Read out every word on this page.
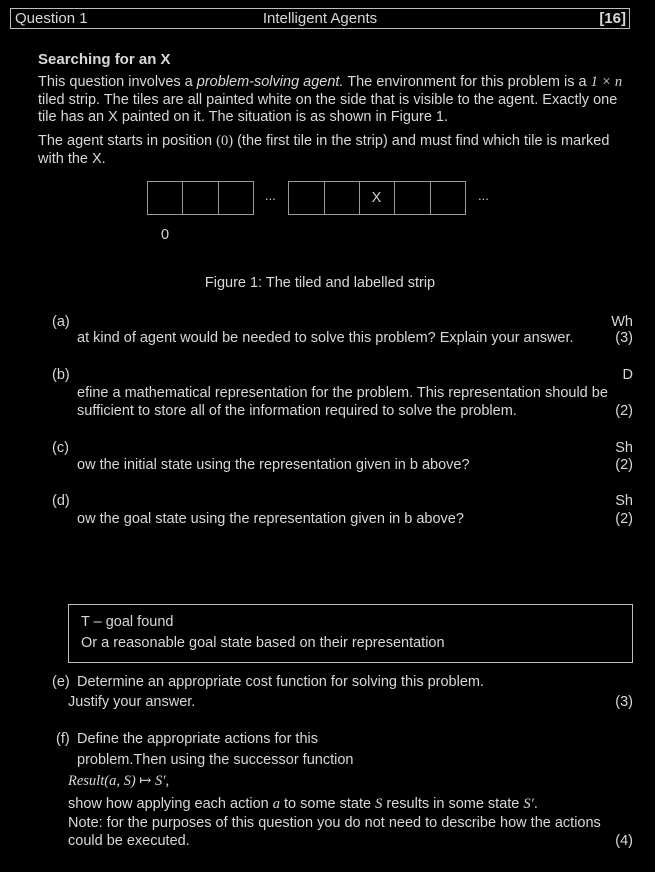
Question 1	Intelligent Agents	[16]
Searching for an X
This question involves a problem-solving agent. The environment for this problem is a 1 × n
tiled strip. The tiles are all painted white on the side that is visible to the agent. Exactly one
tile has an X painted on it. The situation is as shown in Figure 1.
The agent starts in position (0) (the first tile in the strip) and must find which tile is marked
with the X.
...	X	...
0
Figure 1: The tiled and labelled strip
(a)	Wh
at kind of agent would be needed to solve this problem? Explain your answer.	(3)
(b)	D
efine a mathematical representation for the problem. This representation should be
sufficient to store all of the information required to solve the problem.	(2)
(c)	Sh
ow the initial state using the representation given in b above?	(2)
(d)	Sh
ow the goal state using the representation given in b above?	(2)
T – goal found
Or a reasonable goal state based on their representation
(e) Determine an appropriate cost function for solving this problem.
Justify your answer.	(3)
(f) Define the appropriate actions for this
problem.Then using the successor function
Result(a, S) ↦ S′,
show how applying each action a to some state S results in some state S′.
Note: for the purposes of this question you do not need to describe how the actions
could be executed.	(4)
